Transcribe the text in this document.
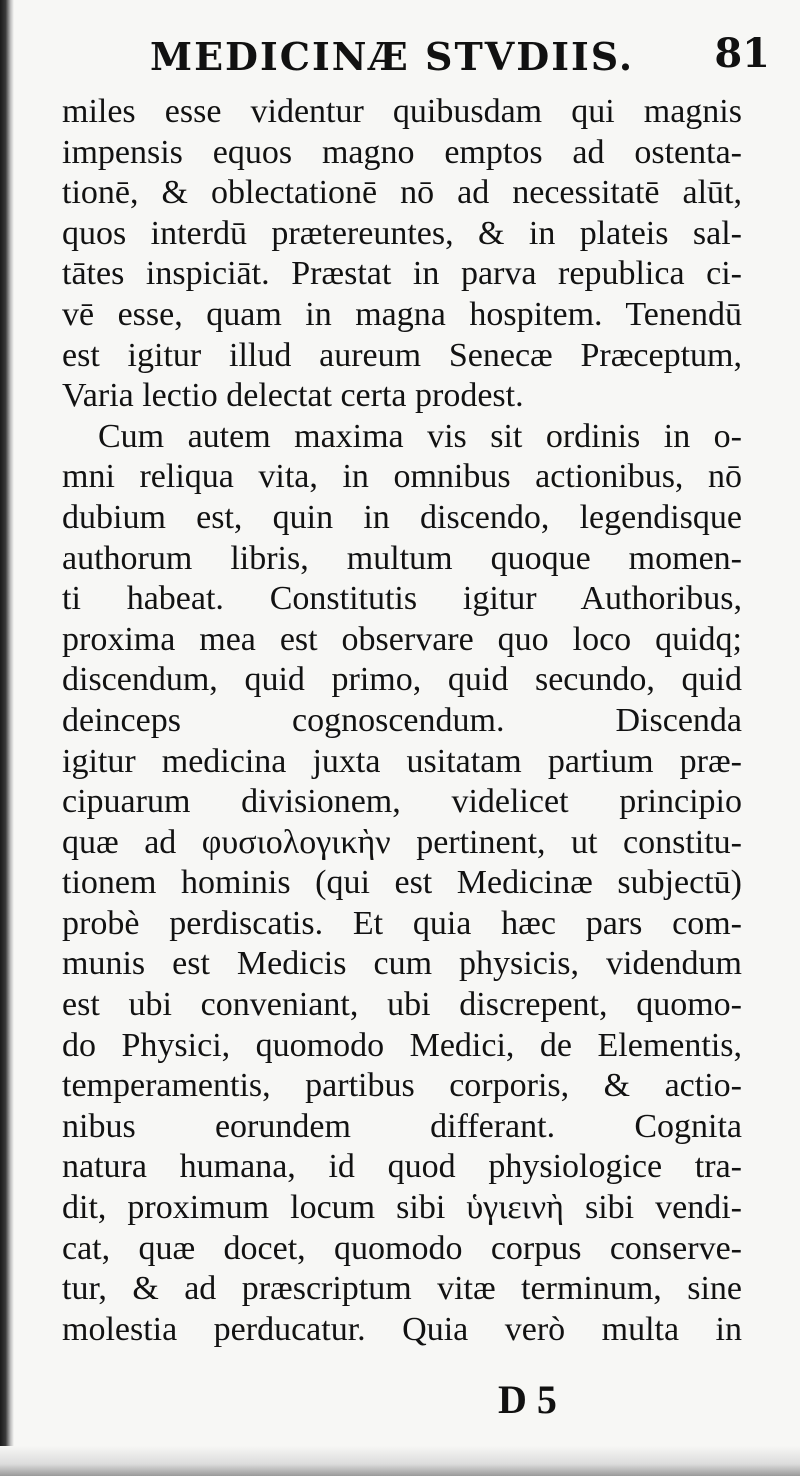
MEDICINÆ STVDIIS. 81
miles esse videntur quibusdam qui magnis
impensis equos magno emptos ad ostenta-
tionē, & oblectationē nō ad necessitatē alūt,
quos interdū prætereuntes, & in plateis sal-
tātes inspiciāt. Præstat in parva republica ci-
vē esse, quam in magna hospitem. Tenendū
est igitur illud aureum Senecæ Præceptum,
Varia lectio delectat certa prodest.
Cum autem maxima vis sit ordinis in o-
mni reliqua vita, in omnibus actionibus, nō
dubium est, quin in discendo, legendisque
authorum libris, multum quoque momen-
ti habeat. Constitutis igitur Authoribus,
proxima mea est observare quo loco quidq;
discendum, quid primo, quid secundo, quid
deinceps cognoscendum. Discenda
igitur medicina juxta usitatam partium præ-
cipuarum divisionem, videlicet principio
quæ ad φυσιολογικὴν pertinent, ut constitu-
tionem hominis (qui est Medicinæ subjectū)
probè perdiscatis. Et quia hæc pars com-
munis est Medicis cum physicis, videndum
est ubi conveniant, ubi discrepent, quomo-
do Physici, quomodo Medici, de Elementis,
temperamentis, partibus corporis, & actio-
nibus eorundem differant. Cognita
natura humana, id quod physiologice tra-
dit, proximum locum sibi ὑγιεινὴ sibi vendi-
cat, quæ docet, quomodo corpus conserve-
tur, & ad præscriptum vitæ terminum, sine
molestia perducatur. Quia verò multa in
D 5
